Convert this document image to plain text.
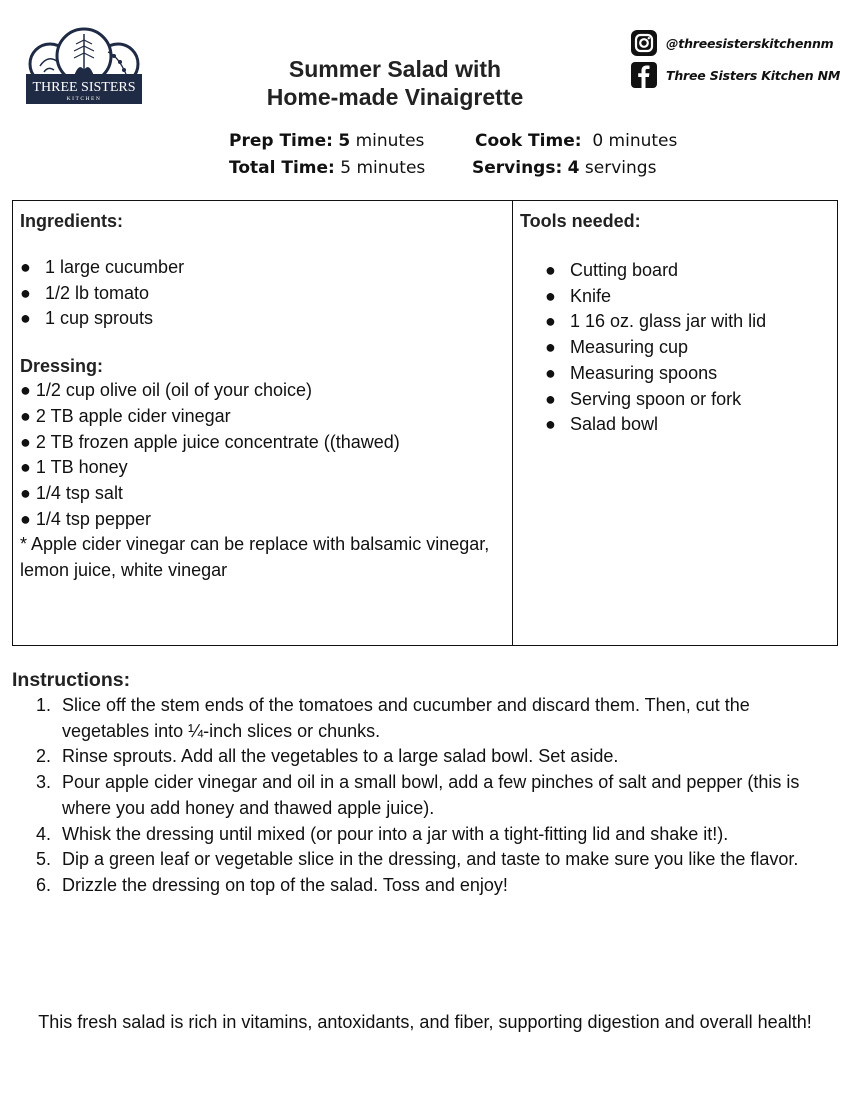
THREE SISTERS
KITCHEN
@threesisterskitchennm
Three Sisters Kitchen NM
Summer Salad with
Home-made Vinaigrette
Prep Time: 5 minutes
Total Time: 5 minutes
Cook Time:  0 minutes
Servings: 4 servings
Ingredients:
● 1 large cucumber
● 1/2 lb tomato
● 1 cup sprouts
Dressing:
● 1/2 cup olive oil (oil of your choice)
● 2 TB apple cider vinegar
● 2 TB frozen apple juice concentrate ((thawed)
● 1 TB honey
● 1/4 tsp salt
● 1/4 tsp pepper
* Apple cider vinegar can be replace with balsamic vinegar, lemon juice, white vinegar
Tools needed:
● Cutting board
● Knife
● 1 16 oz. glass jar with lid
● Measuring cup
● Measuring spoons
● Serving spoon or fork
● Salad bowl
Instructions:
1. Slice off the stem ends of the tomatoes and cucumber and discard them. Then, cut the vegetables into ¼-inch slices or chunks.
2. Rinse sprouts. Add all the vegetables to a large salad bowl. Set aside.
3. Pour apple cider vinegar and oil in a small bowl, add a few pinches of salt and pepper (this is where you add honey and thawed apple juice).
4. Whisk the dressing until mixed (or pour into a jar with a tight-fitting lid and shake it!).
5. Dip a green leaf or vegetable slice in the dressing, and taste to make sure you like the flavor.
6. Drizzle the dressing on top of the salad. Toss and enjoy!
This fresh salad is rich in vitamins, antoxidants, and fiber, supporting digestion and overall health!
